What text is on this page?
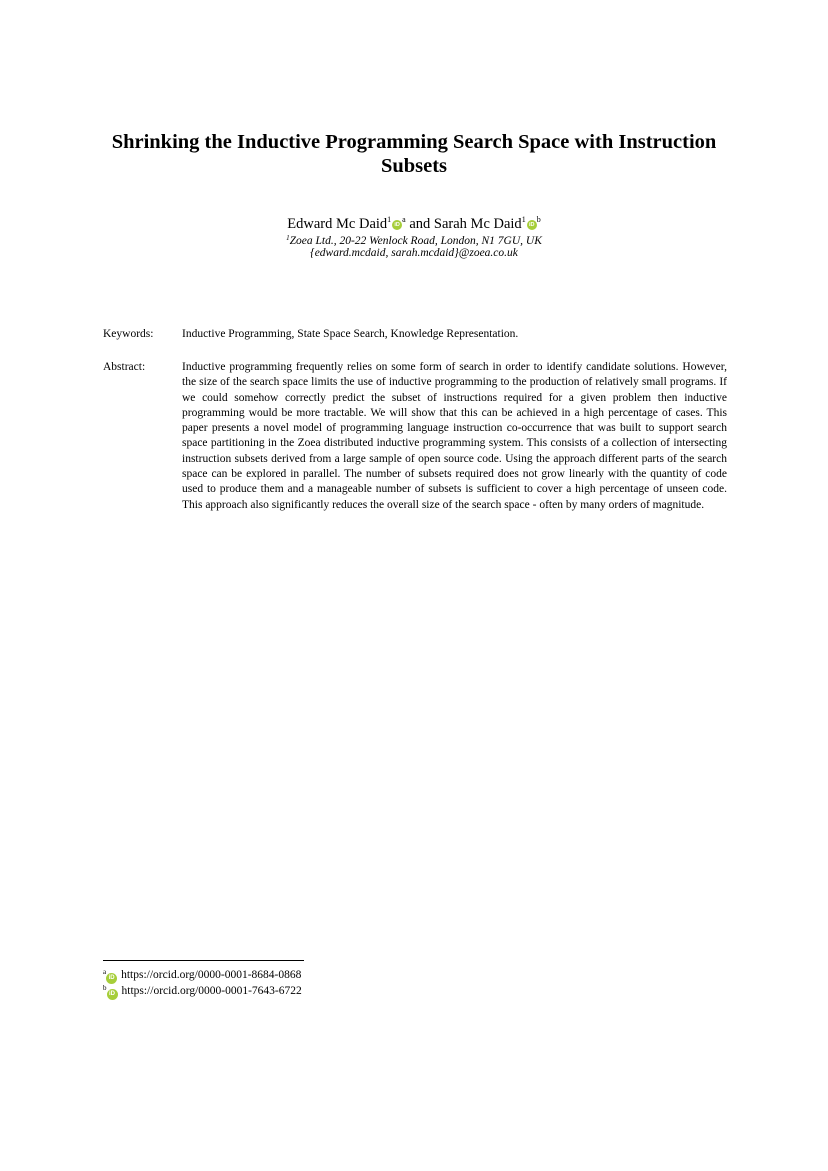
Shrinking the Inductive Programming Search Space with Instruction Subsets
Edward Mc $Daid^1iD^a$ and Sarah Mc $Daid^1iD^b$
$^1$Zoea Ltd., 20-22 Wenlock Road, London, N1 7GU, UK
{edward.mcdaid, sarah.mcdaid}@zoea.co.uk
Keywords: Inductive Programming, State Space Search, Knowledge Representation.
Abstract:	Inductive programming frequently relies on some form of search in order to identify candidate solutions. However, the size of the search space limits the use of inductive programming to the production of relatively small programs. If we could somehow correctly predict the subset of instructions required for a given problem then inductive programming would be more tractable. We will show that this can be achieved in a high percentage of cases. This paper presents a novel model of programming language instruction co-occurrence that was built to support search space partitioning in the Zoea distributed inductive programming system. This consists of a collection of intersecting instruction subsets derived from a large sample of open source code. Using the approach different parts of the search space can be explored in parallel. The number of subsets required does not grow linearly with the quantity of code used to produce them and a manageable number of subsets is sufficient to cover a high percentage of unseen code. This approach also significantly reduces the overall size of the search space - often by many orders of magnitude.
$^a$iD https://orcid.org/0000-0001-8684-0868
$^b$iD https://orcid.org/0000-0001-7643-6722
